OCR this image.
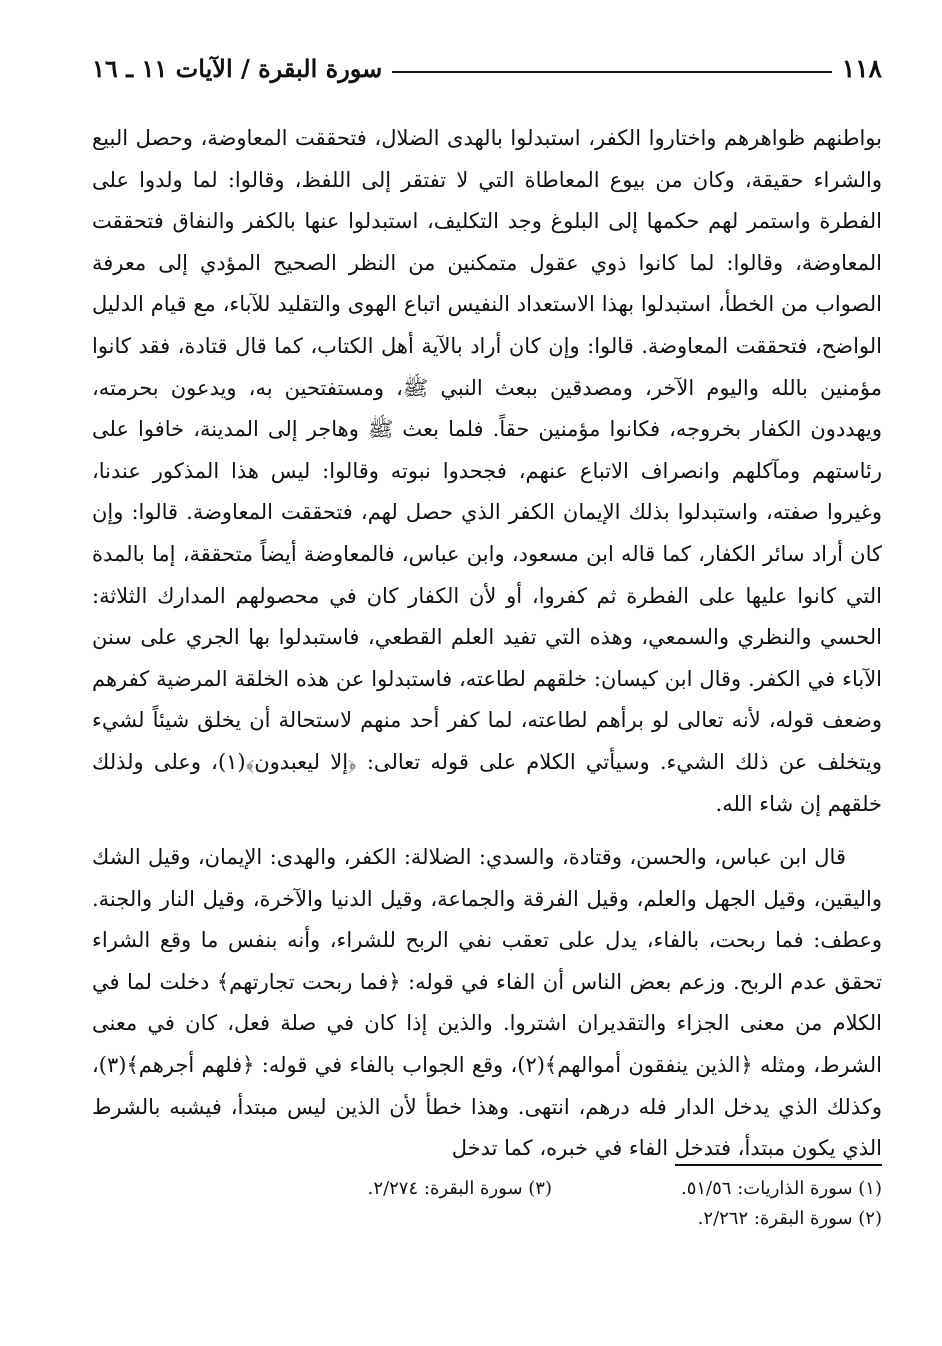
١١٨
سورة البقرة / الآيات ١١ ـ ١٦

بواطنهم ظواهرهم واختاروا الكفر، استبدلوا بالهدى الضلال، فتحققت المعاوضة، وحصل البيع والشراء حقيقة، وكان من بيوع المعاطاة التي لا تفتقر إلى اللفظ، وقالوا: لما ولدوا على الفطرة واستمر لهم حكمها إلى البلوغ وجد التكليف، استبدلوا عنها بالكفر والنفاق فتحققت المعاوضة، وقالوا: لما كانوا ذوي عقول متمكنين من النظر الصحيح المؤدي إلى معرفة الصواب من الخطأ، استبدلوا بهذا الاستعداد النفيس اتباع الهوى والتقليد للآباء، مع قيام الدليل الواضح، فتحققت المعاوضة. قالوا: وإن كان أراد بالآية أهل الكتاب، كما قال قتادة، فقد كانوا مؤمنين بالله واليوم الآخر، ومصدقين ببعث النبي ﷺ، ومستفتحين به، ويدعون بحرمته، ويهددون الكفار بخروجه، فكانوا مؤمنين حقاً. فلما بعث ﷺ وهاجر إلى المدينة، خافوا على رئاستهم ومآكلهم وانصراف الاتباع عنهم، فجحدوا نبوته وقالوا: ليس هذا المذكور عندنا، وغيروا صفته، واستبدلوا بذلك الإيمان الكفر الذي حصل لهم، فتحققت المعاوضة. قالوا: وإن كان أراد سائر الكفار، كما قاله ابن مسعود، وابن عباس، فالمعاوضة أيضاً متحققة، إما بالمدة التي كانوا عليها على الفطرة ثم كفروا، أو لأن الكفار كان في محصولهم المدارك الثلاثة: الحسي والنظري والسمعي، وهذه التي تفيد العلم القطعي، فاستبدلوا بها الجري على سنن الآباء في الكفر. وقال ابن كيسان: خلقهم لطاعته، فاستبدلوا عن هذه الخلقة المرضية كفرهم وضعف قوله، لأنه تعالى لو برأهم لطاعته، لما كفر أحد منهم لاستحالة أن يخلق شيئاً لشيء ويتخلف عن ذلك الشيء. وسيأتي الكلام على قوله تعالى: ﴿إلا ليعبدون﴾(١)، وعلى ولذلك خلقهم إن شاء الله.

قال ابن عباس، والحسن، وقتادة، والسدي: الضلالة: الكفر، والهدى: الإيمان، وقيل الشك واليقين، وقيل الجهل والعلم، وقيل الفرقة والجماعة، وقيل الدنيا والآخرة، وقيل النار والجنة. وعطف: فما ربحت، بالفاء، يدل على تعقب نفي الربح للشراء، وأنه بنفس ما وقع الشراء تحقق عدم الربح. وزعم بعض الناس أن الفاء في قوله: ﴿فما ربحت تجارتهم﴾ دخلت لما في الكلام من معنى الجزاء والتقديران اشتروا. والذين إذا كان في صلة فعل، كان في معنى الشرط، ومثله ﴿الذين ينفقون أموالهم﴾(٢)، وقع الجواب بالفاء في قوله: ﴿فلهم أجرهم﴾(٣)، وكذلك الذي يدخل الدار فله درهم، انتهى. وهذا خطأ لأن الذين ليس مبتدأ، فيشبه بالشرط الذي يكون مبتدأ، فتدخل الفاء في خبره، كما تدخل

(١) سورة الذاريات: ٥١/٥٦.
(٣) سورة البقرة: ٢/٢٧٤.
(٢) سورة البقرة: ٢/٢٦٢.
